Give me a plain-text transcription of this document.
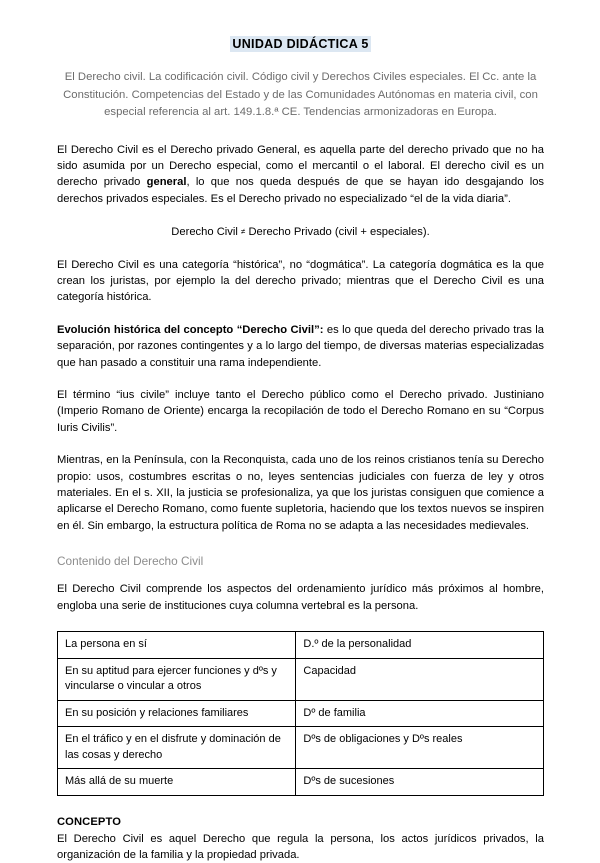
UNIDAD DIDÁCTICA 5
El Derecho civil. La codificación civil. Código civil y Derechos Civiles especiales. El Cc. ante la Constitución. Competencias del Estado y de las Comunidades Autónomas en materia civil, con especial referencia al art. 149.1.8.ª CE. Tendencias armonizadoras en Europa.

El Derecho Civil es el Derecho privado General, es aquella parte del derecho privado que no ha sido asumida por un Derecho especial, como el mercantil o el laboral. El derecho civil es un derecho privado general, lo que nos queda después de que se hayan ido desgajando los derechos privados especiales. Es el Derecho privado no especializado “el de la vida diaria”.

Derecho Civil ≠ Derecho Privado (civil + especiales).

El Derecho Civil es una categoría “histórica”, no “dogmática”. La categoría dogmática es la que crean los juristas, por ejemplo la del derecho privado; mientras que el Derecho Civil es una categoría histórica.

Evolución histórica del concepto “Derecho Civil”: es lo que queda del derecho privado tras la separación, por razones contingentes y a lo largo del tiempo, de diversas materias especializadas que han pasado a constituir una rama independiente.

El término “ius civile” incluye tanto el Derecho público como el Derecho privado. Justiniano (Imperio Romano de Oriente) encarga la recopilación de todo el Derecho Romano en su “Corpus Iuris Civilis”.

Mientras, en la Península, con la Reconquista, cada uno de los reinos cristianos tenía su Derecho propio: usos, costumbres escritas o no, leyes sentencias judiciales con fuerza de ley y otros materiales. En el s. XII, la justicia se profesionaliza, ya que los juristas consiguen que comience a aplicarse el Derecho Romano, como fuente supletoria, haciendo que los textos nuevos se inspiren en él. Sin embargo, la estructura política de Roma no se adapta a las necesidades medievales.

Contenido del Derecho Civil

El Derecho Civil comprende los aspectos del ordenamiento jurídico más próximos al hombre, engloba una serie de instituciones cuya columna vertebral es la persona.

La persona en sí	D.º de la personalidad
En su aptitud para ejercer funciones y dºs y vincularse o vincular a otros	Capacidad
En su posición y relaciones familiares	Dº de familia
En el tráfico y en el disfrute y dominación de las cosas y derecho	Dºs de obligaciones y Dºs reales
Más allá de su muerte	Dºs de sucesiones
CONCEPTO

El Derecho Civil es aquel Derecho que regula la persona, los actos jurídicos privados, la organización de la familia y la propiedad privada.
